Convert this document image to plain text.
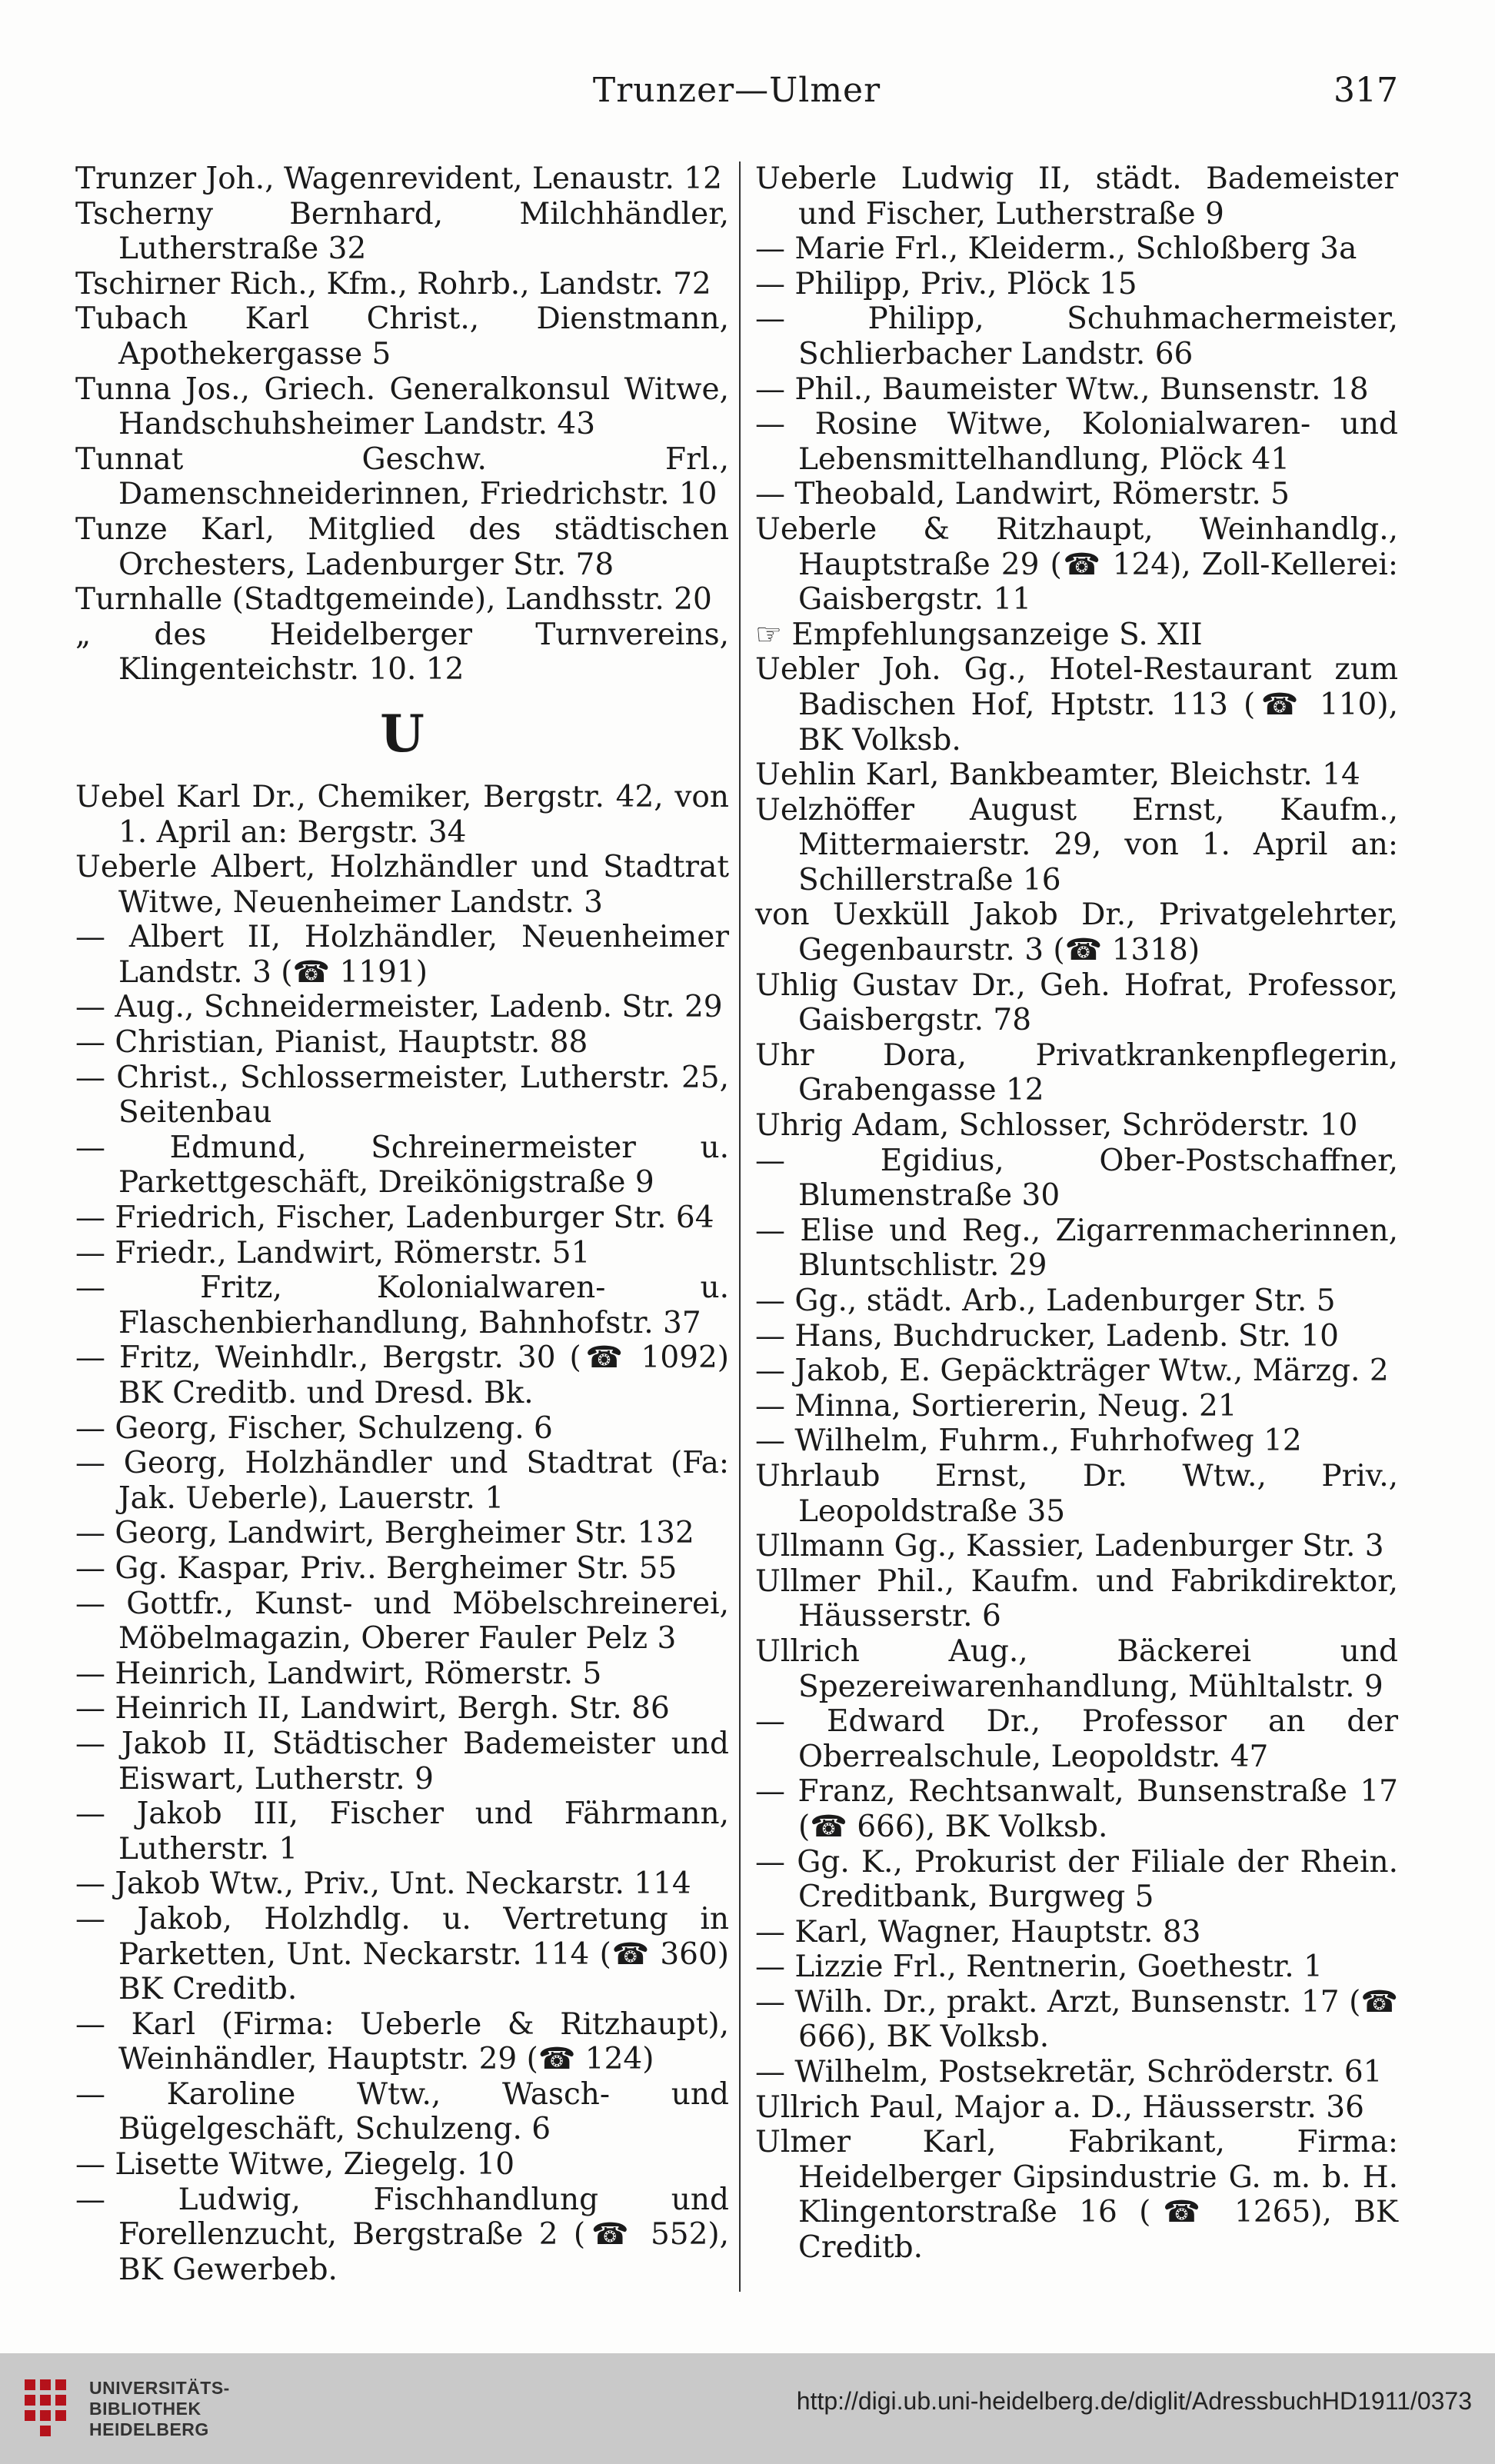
Trunzer—Ulmer	317

Trunzer Joh., Wagenrevident, Lenaustr. 12

Tscherny Bernhard, Milchhändler, Lutherstraße 32

Tschirner Rich., Kfm., Rohrb., Landstr. 72

Tubach Karl Christ., Dienstmann, Apothekergasse 5

Tunna Jos., Griech. Generalkonsul Witwe, Handschuhsheimer Landstr. 43

Tunnat Geschw. Frl., Damenschneiderinnen, Friedrichstr. 10

Tunze Karl, Mitglied des städtischen Orchesters, Ladenburger Str. 78

Turnhalle (Stadtgemeinde), Landhsstr. 20

„ des Heidelberger Turnvereins, Klingenteichstr. 10. 12

U

Uebel Karl Dr., Chemiker, Bergstr. 42, von 1. April an: Bergstr. 34

Ueberle Albert, Holzhändler und Stadtrat Witwe, Neuenheimer Landstr. 3

— Albert II, Holzhändler, Neuenheimer Landstr. 3 (☎ 1191)

— Aug., Schneidermeister, Ladenb. Str. 29

— Christian, Pianist, Hauptstr. 88

— Christ., Schlossermeister, Lutherstr. 25, Seitenbau

— Edmund, Schreinermeister u. Parkettgeschäft, Dreikönigstraße 9

— Friedrich, Fischer, Ladenburger Str. 64

— Friedr., Landwirt, Römerstr. 51

— Fritz, Kolonialwaren- u. Flaschenbierhandlung, Bahnhofstr. 37

— Fritz, Weinhdlr., Bergstr. 30 (☎ 1092) BK Creditb. und Dresd. Bk.

— Georg, Fischer, Schulzeng. 6

— Georg, Holzhändler und Stadtrat (Fa: Jak. Ueberle), Lauerstr. 1

— Georg, Landwirt, Bergheimer Str. 132

— Gg. Kaspar, Priv.. Bergheimer Str. 55

— Gottfr., Kunst- und Möbelschreinerei, Möbelmagazin, Oberer Fauler Pelz 3

— Heinrich, Landwirt, Römerstr. 5

— Heinrich II, Landwirt, Bergh. Str. 86

— Jakob II, Städtischer Bademeister und Eiswart, Lutherstr. 9

— Jakob III, Fischer und Fährmann, Lutherstr. 1

— Jakob Wtw., Priv., Unt. Neckarstr. 114

— Jakob, Holzhdlg. u. Vertretung in Parketten, Unt. Neckarstr. 114 (☎ 360) BK Creditb.

— Karl (Firma: Ueberle & Ritzhaupt), Weinhändler, Hauptstr. 29 (☎ 124)

— Karoline Wtw., Wasch- und Bügelgeschäft, Schulzeng. 6

— Lisette Witwe, Ziegelg. 10

— Ludwig, Fischhandlung und Forellenzucht, Bergstraße 2 (☎ 552), BK Gewerbeb.

Ueberle Ludwig II, städt. Bademeister und Fischer, Lutherstraße 9

— Marie Frl., Kleiderm., Schloßberg 3a

— Philipp, Priv., Plöck 15

— Philipp, Schuhmachermeister, Schlierbacher Landstr. 66

— Phil., Baumeister Wtw., Bunsenstr. 18

— Rosine Witwe, Kolonialwaren- und Lebensmittelhandlung, Plöck 41

— Theobald, Landwirt, Römerstr. 5

Ueberle & Ritzhaupt, Weinhandlg., Hauptstraße 29 (☎ 124), Zoll-Kellerei: Gaisbergstr. 11

☞ Empfehlungsanzeige S. XII

Uebler Joh. Gg., Hotel-Restaurant zum Badischen Hof, Hptstr. 113 (☎ 110), BK Volksb.

Uehlin Karl, Bankbeamter, Bleichstr. 14

Uelzhöffer August Ernst, Kaufm., Mittermaierstr. 29, von 1. April an: Schillerstraße 16

von Uexküll Jakob Dr., Privatgelehrter, Gegenbaurstr. 3 (☎ 1318)

Uhlig Gustav Dr., Geh. Hofrat, Professor, Gaisbergstr. 78

Uhr Dora, Privatkrankenpflegerin, Grabengasse 12

Uhrig Adam, Schlosser, Schröderstr. 10

— Egidius, Ober-Postschaffner, Blumenstraße 30

— Elise und Reg., Zigarrenmacherinnen, Bluntschlistr. 29

— Gg., städt. Arb., Ladenburger Str. 5

— Hans, Buchdrucker, Ladenb. Str. 10

— Jakob, E. Gepäckträger Wtw., Märzg. 2

— Minna, Sortiererin, Neug. 21

— Wilhelm, Fuhrm., Fuhrhofweg 12

Uhrlaub Ernst, Dr. Wtw., Priv., Leopoldstraße 35

Ullmann Gg., Kassier, Ladenburger Str. 3

Ullmer Phil., Kaufm. und Fabrikdirektor, Häusserstr. 6

Ullrich Aug., Bäckerei und Spezereiwarenhandlung, Mühltalstr. 9

— Edward Dr., Professor an der Oberrealschule, Leopoldstr. 47

— Franz, Rechtsanwalt, Bunsenstraße 17 (☎ 666), BK Volksb.

— Gg. K., Prokurist der Filiale der Rhein. Creditbank, Burgweg 5

— Karl, Wagner, Hauptstr. 83

— Lizzie Frl., Rentnerin, Goethestr. 1

— Wilh. Dr., prakt. Arzt, Bunsenstr. 17 (☎ 666), BK Volksb.

— Wilhelm, Postsekretär, Schröderstr. 61

Ullrich Paul, Major a. D., Häusserstr. 36

Ulmer Karl, Fabrikant, Firma: Heidelberger Gipsindustrie G. m. b. H. Klingentorstraße 16 (☎ 1265), BK Creditb.

UNIVERSITÄTS-
BIBLIOTHEK
HEIDELBERG
http://digi.ub.uni-heidelberg.de/diglit/AdressbuchHD1911/0373
